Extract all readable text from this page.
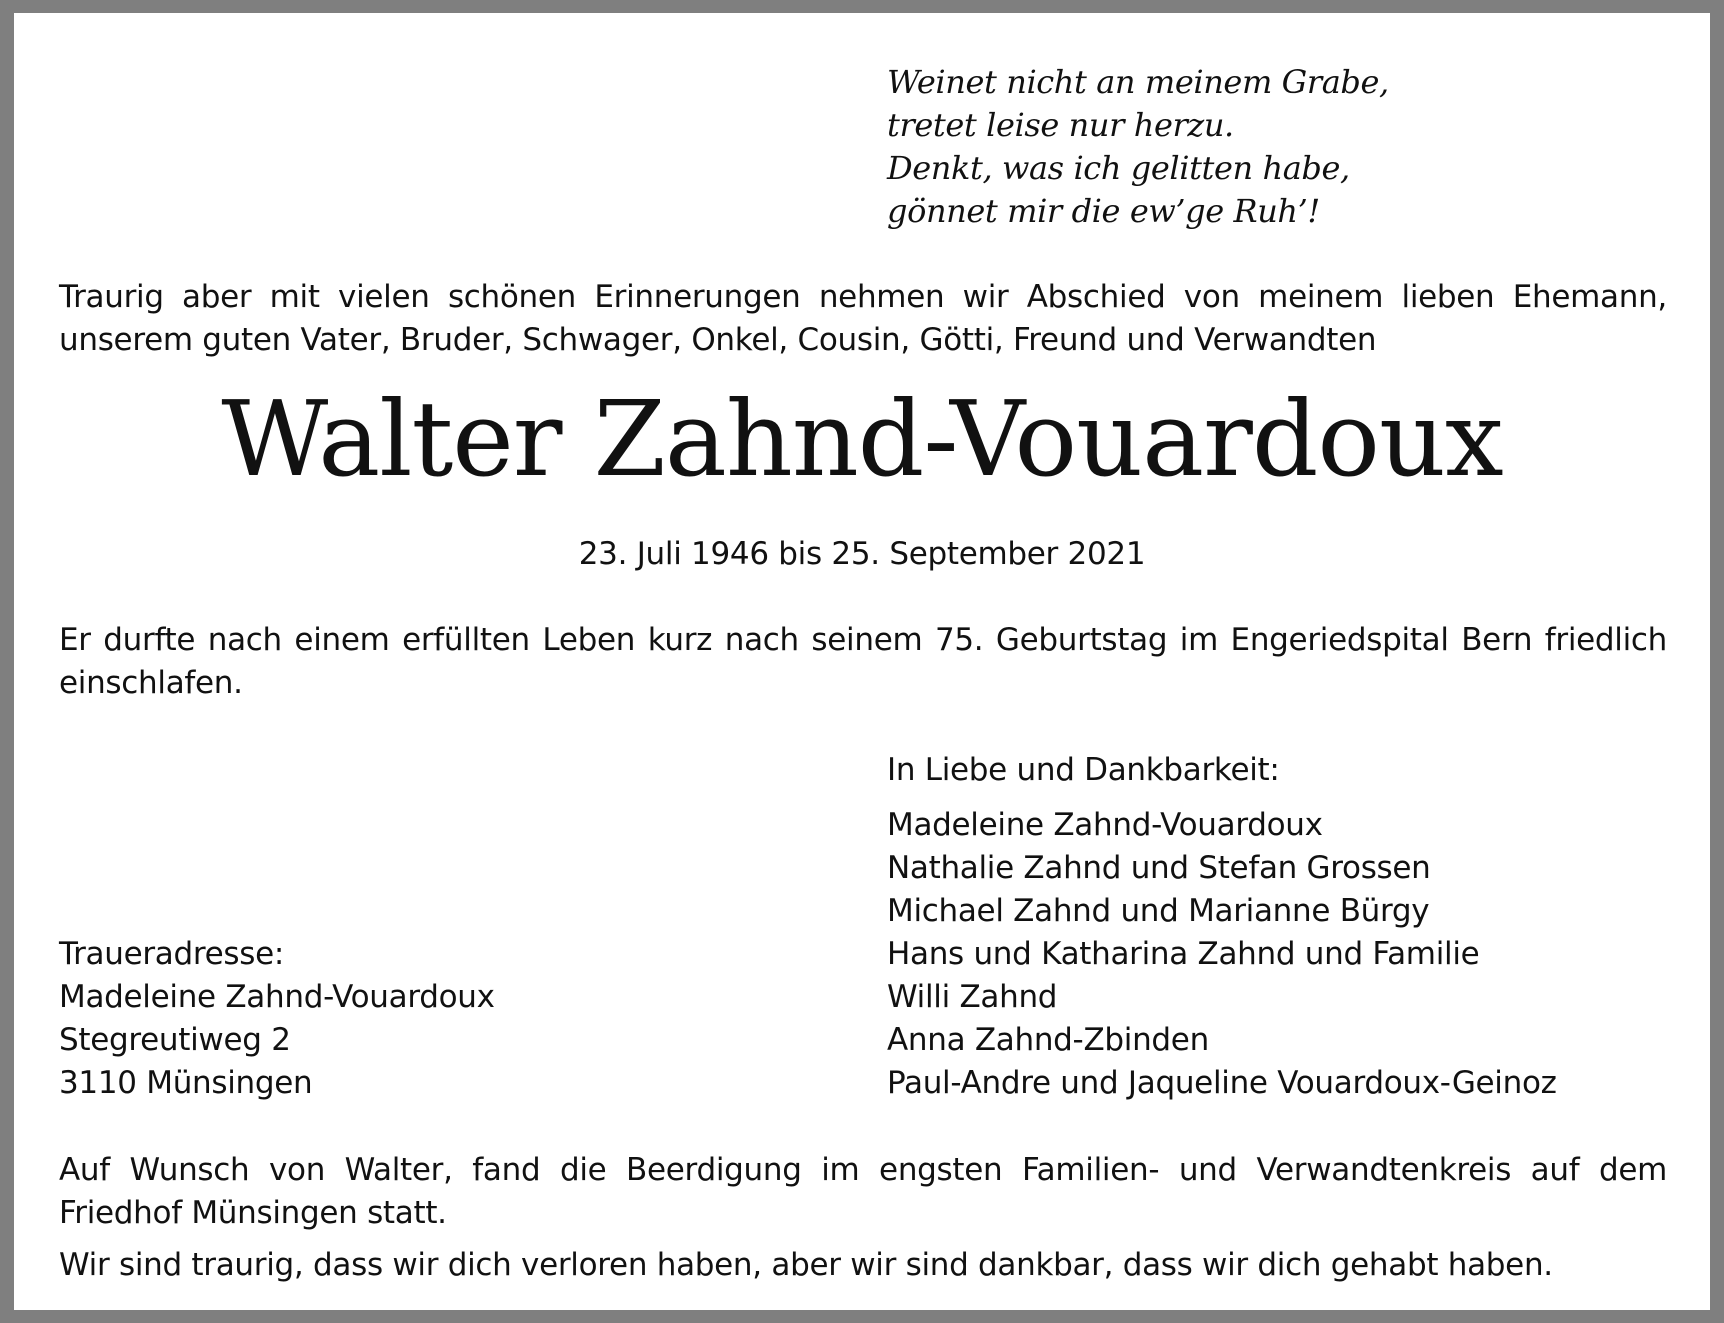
Weinet nicht an meinem Grabe,
tretet leise nur herzu.
Denkt, was ich gelitten habe,
gönnet mir die ew’ge Ruh’!
Traurig aber mit vielen schönen Erinnerungen nehmen wir Abschied von meinem lieben Ehemann, unserem guten Vater, Bruder, Schwager, Onkel, Cousin, Götti, Freund und Verwandten
Walter Zahnd-Vouardoux
23. Juli 1946 bis 25. September 2021
Er durfte nach einem erfüllten Leben kurz nach seinem 75. Geburtstag im Engeriedspital Bern friedlich einschlafen.
In Liebe und Dankbarkeit:
Madeleine Zahnd-Vouardoux
Nathalie Zahnd und Stefan Grossen
Michael Zahnd und Marianne Bürgy
Hans und Katharina Zahnd und Familie
Willi Zahnd
Anna Zahnd-Zbinden
Paul-Andre und Jaqueline Vouardoux-Geinoz
Traueradresse:
Madeleine Zahnd-Vouardoux
Stegreutiweg 2
3110 Münsingen
Auf Wunsch von Walter, fand die Beerdigung im engsten Familien- und Verwandtenkreis auf dem Friedhof Münsingen statt.
Wir sind traurig, dass wir dich verloren haben, aber wir sind dankbar, dass wir dich gehabt haben.
